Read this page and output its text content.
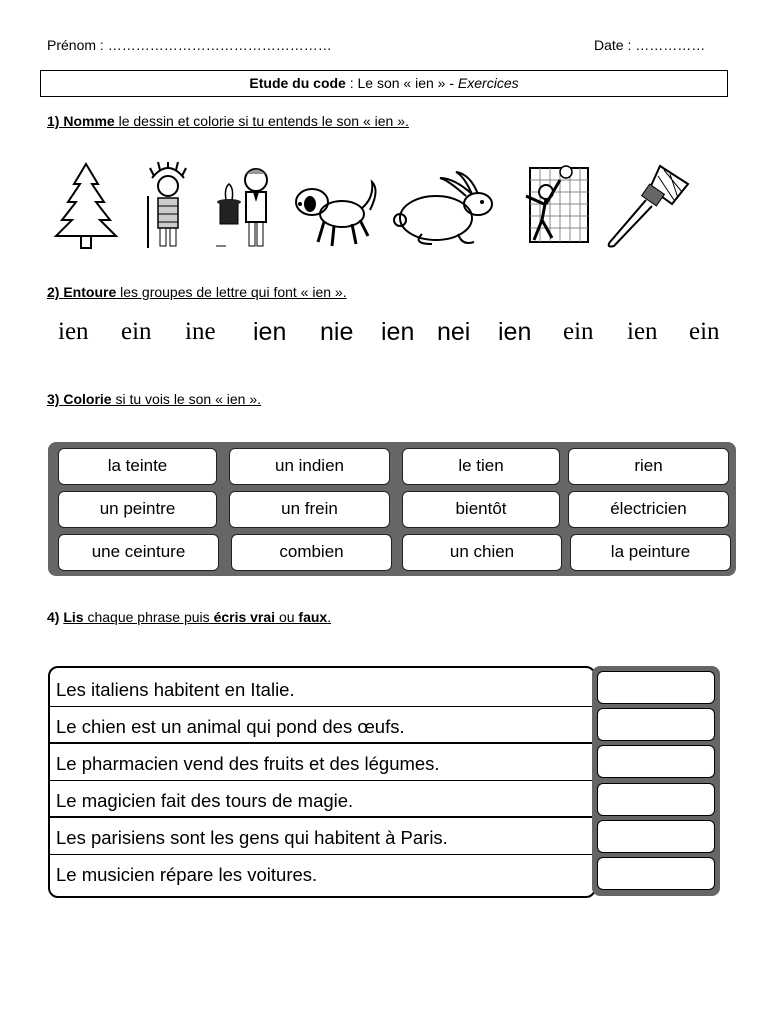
Prénom : …………………………………………	Date : ……………
Etude du code : Le son « ien » - Exercices
1) Nomme le dessin et colorie si tu entends le son « ien ».
2) Entoure les groupes de lettre qui font « ien ».
ien ein ine ien nie ien nei ien ein ien ein
3) Colorie si tu vois le son « ien ».
la teinte	un indien	le tien	rien
un peintre	un frein	bientôt	électricien
une ceinture	combien	un chien	la peinture
4) Lis chaque phrase puis écris vrai ou faux.
Les italiens habitent en Italie.
Le chien est un animal qui pond des œufs.
Le pharmacien vend des fruits et des légumes.
Le magicien fait des tours de magie.
Les parisiens sont les gens qui habitent à Paris.
Le musicien répare les voitures.
